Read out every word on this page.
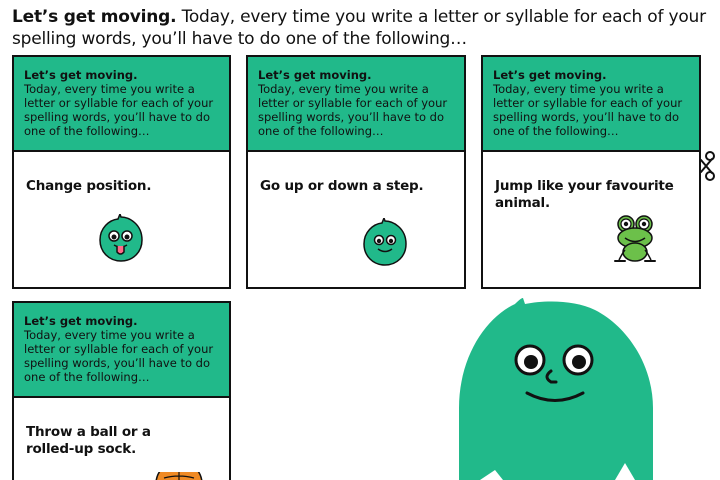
Let’s get moving. Today, every time you write a letter or syllable for each of your spelling words, you’ll have to do one of the following…
Let’s get moving.
Today, every time you write a letter or syllable for each of your spelling words, you’ll have to do one of the following…
Change position.
Let’s get moving.
Today, every time you write a letter or syllable for each of your spelling words, you’ll have to do one of the following…
Go up or down a step.
Let’s get moving.
Today, every time you write a letter or syllable for each of your spelling words, you’ll have to do one of the following…
Jump like your favourite animal.
Let’s get moving.
Today, every time you write a letter or syllable for each of your spelling words, you’ll have to do one of the following…
Throw a ball or a rolled-up sock.
